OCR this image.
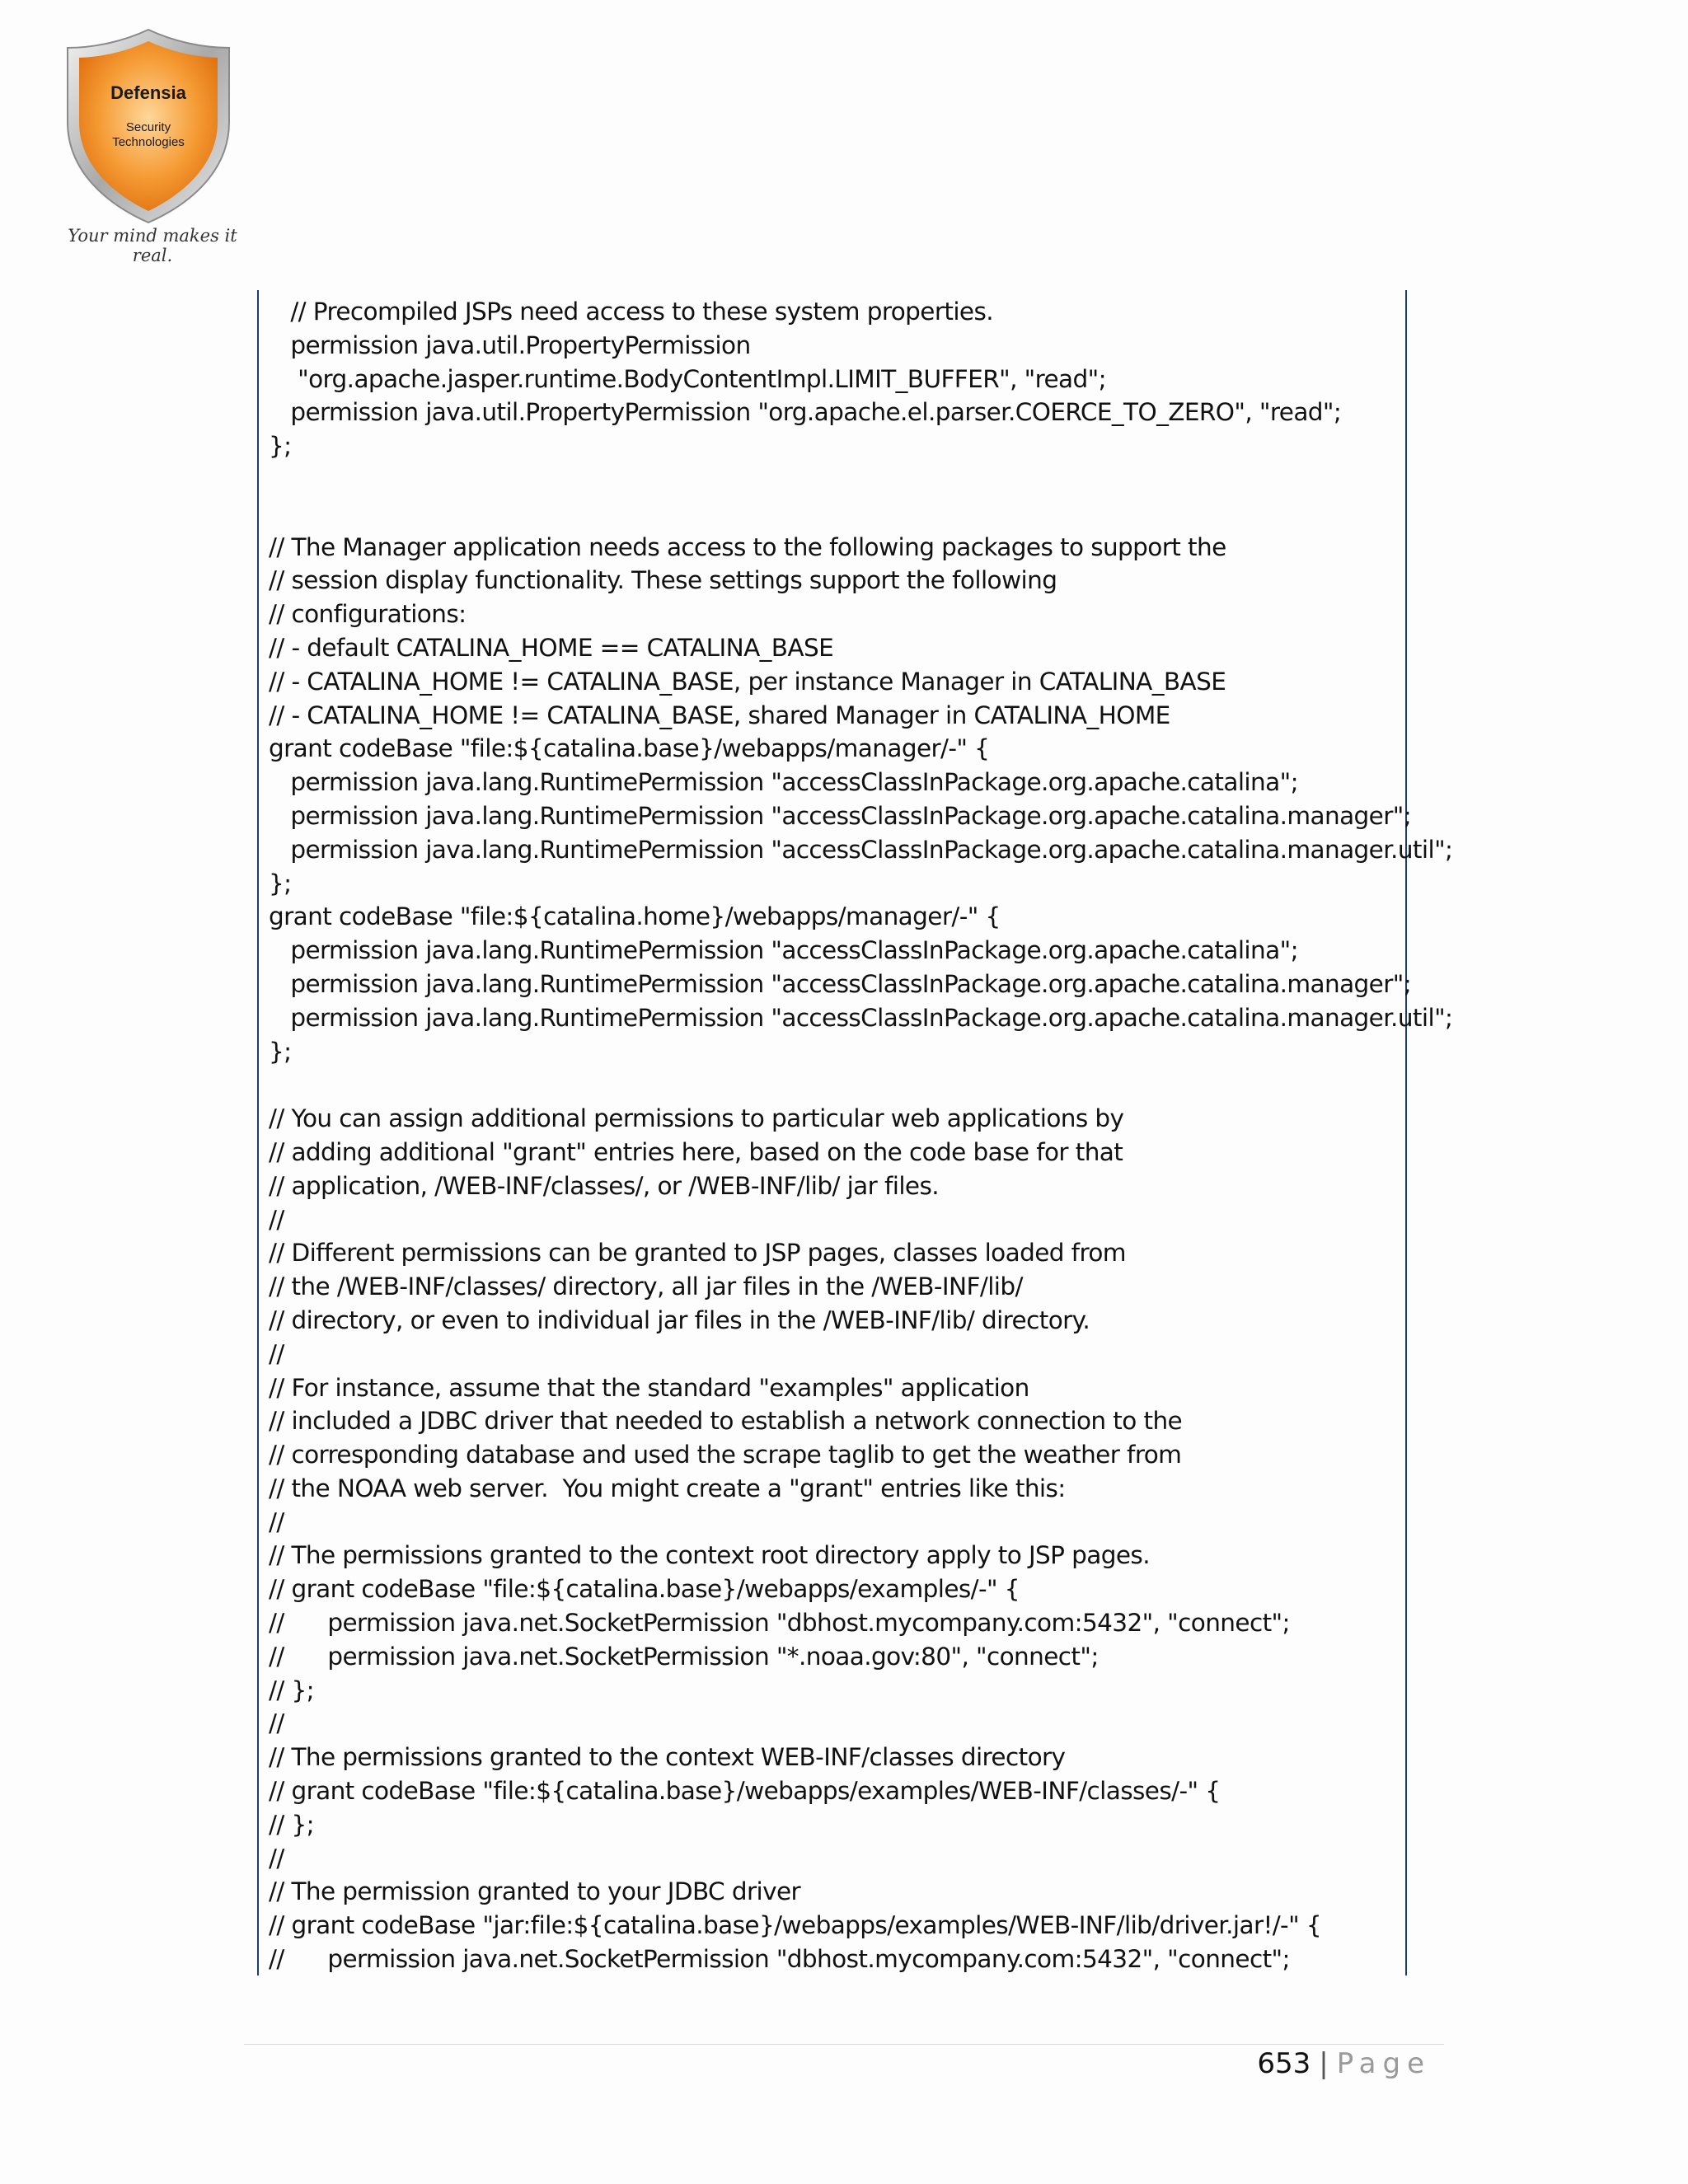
Defensia
Security
Technologies
Your mind makes it real.
// Precompiled JSPs need access to these system properties.
permission java.util.PropertyPermission
"org.apache.jasper.runtime.BodyContentImpl.LIMIT_BUFFER", "read";
permission java.util.PropertyPermission "org.apache.el.parser.COERCE_TO_ZERO", "read";
};

// The Manager application needs access to the following packages to support the
// session display functionality. These settings support the following
// configurations:
// - default CATALINA_HOME == CATALINA_BASE
// - CATALINA_HOME != CATALINA_BASE, per instance Manager in CATALINA_BASE
// - CATALINA_HOME != CATALINA_BASE, shared Manager in CATALINA_HOME
grant codeBase "file:${catalina.base}/webapps/manager/-" {
permission java.lang.RuntimePermission "accessClassInPackage.org.apache.catalina";
permission java.lang.RuntimePermission "accessClassInPackage.org.apache.catalina.manager";
permission java.lang.RuntimePermission "accessClassInPackage.org.apache.catalina.manager.util";
};
grant codeBase "file:${catalina.home}/webapps/manager/-" {
permission java.lang.RuntimePermission "accessClassInPackage.org.apache.catalina";
permission java.lang.RuntimePermission "accessClassInPackage.org.apache.catalina.manager";
permission java.lang.RuntimePermission "accessClassInPackage.org.apache.catalina.manager.util";
};

// You can assign additional permissions to particular web applications by
// adding additional "grant" entries here, based on the code base for that
// application, /WEB-INF/classes/, or /WEB-INF/lib/ jar files.
//
// Different permissions can be granted to JSP pages, classes loaded from
// the /WEB-INF/classes/ directory, all jar files in the /WEB-INF/lib/
// directory, or even to individual jar files in the /WEB-INF/lib/ directory.
//
// For instance, assume that the standard "examples" application
// included a JDBC driver that needed to establish a network connection to the
// corresponding database and used the scrape taglib to get the weather from
// the NOAA web server.  You might create a "grant" entries like this:
//
// The permissions granted to the context root directory apply to JSP pages.
// grant codeBase "file:${catalina.base}/webapps/examples/-" {
//      permission java.net.SocketPermission "dbhost.mycompany.com:5432", "connect";
//      permission java.net.SocketPermission "*.noaa.gov:80", "connect";
// };
//
// The permissions granted to the context WEB-INF/classes directory
// grant codeBase "file:${catalina.base}/webapps/examples/WEB-INF/classes/-" {
// };
//
// The permission granted to your JDBC driver
// grant codeBase "jar:file:${catalina.base}/webapps/examples/WEB-INF/lib/driver.jar!/-" {
//      permission java.net.SocketPermission "dbhost.mycompany.com:5432", "connect";
653 | Page
